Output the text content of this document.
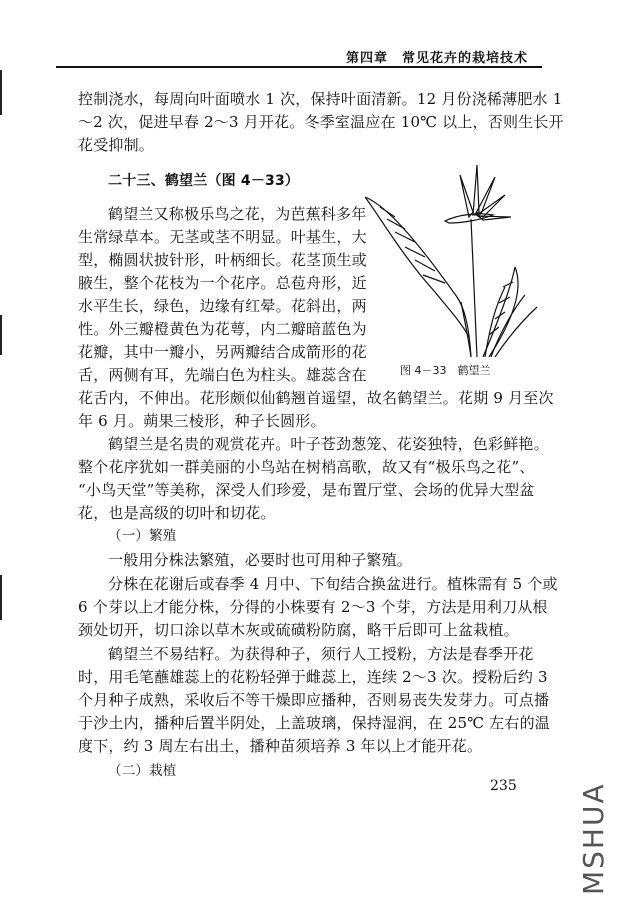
第四章　常见花卉的栽培技术
控制浇水，每周向叶面喷水 1 次，保持叶面清新。12 月份浇稀薄肥水 1
～2 次，促进早春 2～3 月开花。冬季室温应在 10℃ 以上，否则生长开
花受抑制。
二十三、鹤望兰（图 4－33）
鹤望兰又称极乐鸟之花，为芭蕉科多年
生常绿草本。无茎或茎不明显。叶基生，大
型，椭圆状披针形，叶柄细长。花茎顶生或
腋生，整个花枝为一个花序。总苞舟形，近
水平生长，绿色，边缘有红晕。花斜出，两
性。外三瓣橙黄色为花萼，内二瓣暗蓝色为
花瓣，其中一瓣小，另两瓣结合成箭形的花
舌，两侧有耳，先端白色为柱头。雄蕊含在
花舌内，不伸出。花形颇似仙鹤翘首遥望，故名鹤望兰。花期 9 月至次
年 6 月。蒴果三棱形，种子长圆形。
图 4－33　鹤望兰
鹤望兰是名贵的观赏花卉。叶子苍劲葱笼、花姿独特，色彩鲜艳。
整个花序犹如一群美丽的小鸟站在树梢高歌，故又有“极乐鸟之花”、
“小鸟天堂”等美称，深受人们珍爱，是布置厅堂、会场的优异大型盆
花，也是高级的切叶和切花。
（一）繁殖
一般用分株法繁殖，必要时也可用种子繁殖。
分株在花谢后或春季 4 月中、下旬结合换盆进行。植株需有 5 个或
6 个芽以上才能分株，分得的小株要有 2～3 个芽，方法是用利刀从根
颈处切开，切口涂以草木灰或硫磺粉防腐，略干后即可上盆栽植。
鹤望兰不易结籽。为获得种子，须行人工授粉，方法是春季开花
时，用毛笔蘸雄蕊上的花粉轻弹于雌蕊上，连续 2～3 次。授粉后约 3
个月种子成熟，采收后不等干燥即应播种，否则易丧失发芽力。可点播
于沙土内，播种后置半阴处，上盖玻璃，保持湿润，在 25℃ 左右的温
度下，约 3 周左右出土，播种苗须培养 3 年以上才能开花。
（二）栽植
235 MSHUA
